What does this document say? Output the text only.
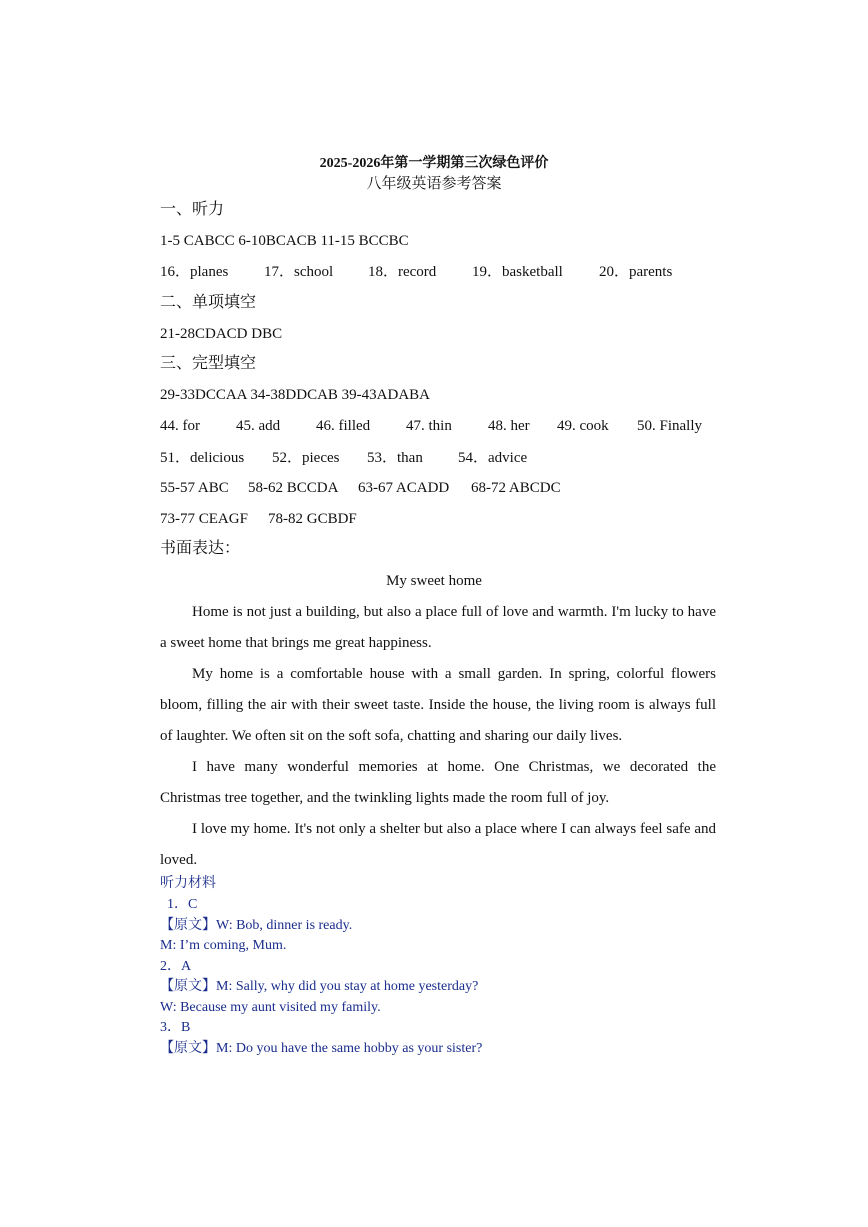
2025-2026年第一学期第三次绿色评价
八年级英语参考答案
一、听力
1-5 CABCC 6-10BCACB 11-15 BCCBC
16．planes 17．school 18．record 19．basketball 20．parents
二、单项填空
21-28CDACD DBC
三、完型填空
29-33DCCAA 34-38DDCAB 39-43ADABA
44. for 45. add 46. filled 47. thin 48. her 49. cook 50. Finally
51．delicious 52．pieces 53．than 54．advice
55-57 ABC 58-62 BCCDA 63-67 ACADD 68-72 ABCDC
73-77 CEAGF 78-82 GCBDF
书面表达：
My sweet home

Home is not just a building, but also a place full of love and warmth. I'm lucky to have a sweet home that brings me great happiness.

My home is a comfortable house with a small garden. In spring, colorful flowers bloom, filling the air with their sweet taste. Inside the house, the living room is always full of laughter. We often sit on the soft sofa, chatting and sharing our daily lives.

I have many wonderful memories at home. One Christmas, we decorated the Christmas tree together, and the twinkling lights made the room full of joy.

I love my home. It's not only a shelter but also a place where I can always feel safe and loved.

听力材料
1．C
【原文】W: Bob, dinner is ready.
M: I’m coming, Mum.
2．A
【原文】M: Sally, why did you stay at home yesterday?
W: Because my aunt visited my family.
3．B
【原文】M: Do you have the same hobby as your sister?
